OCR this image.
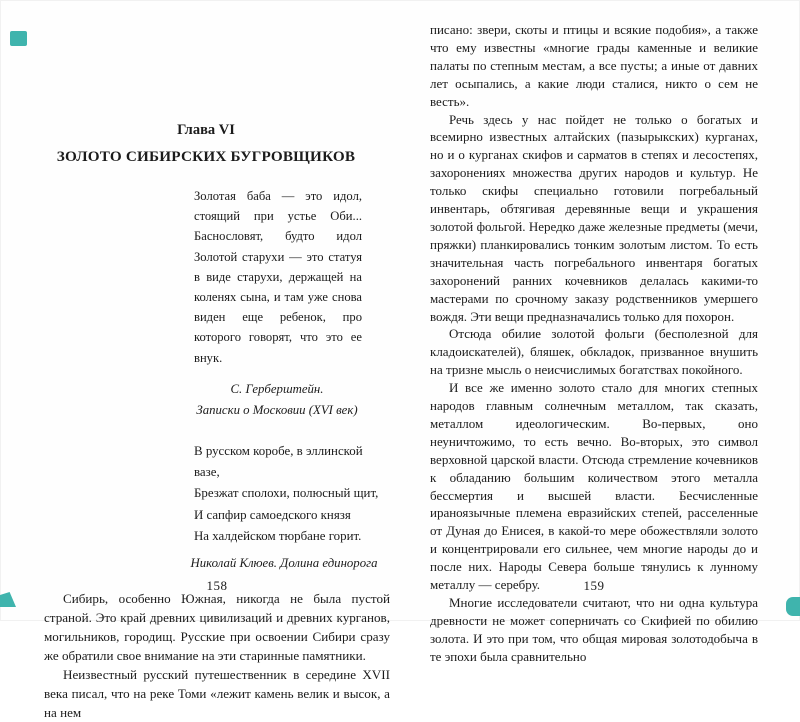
Глава VI
ЗОЛОТО СИБИРСКИХ БУГРОВЩИКОВ
Золотая баба — это идол, стоящий при устье Оби... Баснословят, будто идол Золотой старухи — это статуя в виде старухи, держащей на коленях сына, и там уже снова виден еще ребенок, про которого говорят, что это ее внук.
С. Герберштейн.
Записки о Московии (XVI век)
В русском коробе, в эллинской вазе,
Брезжат сполохи, полюсный щит,
И сапфир самоедского князя
На халдейском тюрбане горит.
Николай Клюев. Долина единорога

Сибирь, особенно Южная, никогда не была пустой страной. Это край древних цивилизаций и древних курганов, могильников, городищ. Русские при освоении Сибири сразу же обратили свое внимание на эти старинные памятники.

Неизвестный русский путешественник в середине XVII века писал, что на реке Томи «лежит камень велик и высок, а на нем

158

писано: звери, скоты и птицы и всякие подобия», а также что ему известны «многие грады каменные и великие палаты по степным местам, а все пусты; а иные от давних лет осыпались, а какие люди сталися, никто о сем не весть».

Речь здесь у нас пойдет не только о богатых и всемирно известных алтайских (пазырыкских) курганах, но и о курганах скифов и сарматов в степях и лесостепях, захоронениях множества других народов и культур. Не только скифы специально готовили погребальный инвентарь, обтягивая деревянные вещи и украшения золотой фольгой. Нередко даже железные предметы (мечи, пряжки) планкировались тонким золотым листом. То есть значительная часть погребального инвентаря богатых захоронений ранних кочевников делалась какими-то мастерами по срочному заказу родственников умершего вождя. Эти вещи предназначались только для похорон.

Отсюда обилие золотой фольги (бесполезной для кладоискателей), бляшек, обкладок, призванное внушить на тризне мысль о неисчислимых богатствах покойного.

И все же именно золото стало для многих степных народов главным солнечным металлом, так сказать, металлом идеологическим. Во-первых, оно неуничтожимо, то есть вечно. Во-вторых, это символ верховной царской власти. Отсюда стремление кочевников к обладанию большим количеством этого металла бессмертия и высшей власти. Бесчисленные ираноязычные племена евразийских степей, расселенные от Дуная до Енисея, в какой-то мере обожествляли золото и концентрировали его сильнее, чем многие народы до и после них. Народы Севера больше тянулись к лунному металлу — серебру.

Многие исследователи считают, что ни одна культура древности не может соперничать со Скифией по обилию золота. И это при том, что общая мировая золотодобыча в те эпохи была сравнительно

159
